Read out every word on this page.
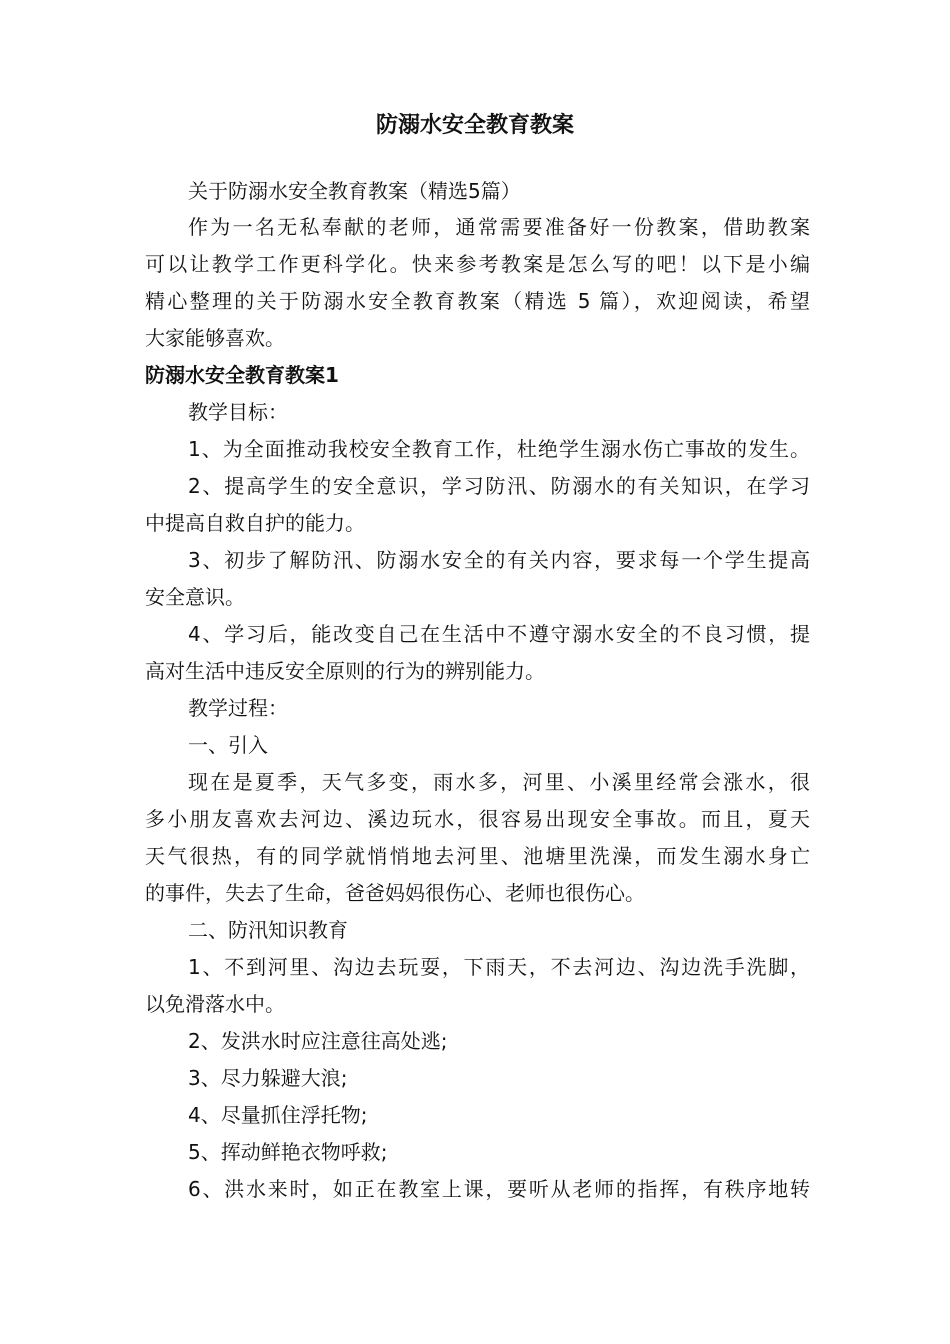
防溺水安全教育教案
关于防溺水安全教育教案（精选5篇）
作为一名无私奉献的老师，通常需要准备好一份教案，借助教案
可以让教学工作更科学化。快来参考教案是怎么写的吧！以下是小编
精心整理的关于防溺水安全教育教案（精选 5 篇），欢迎阅读，希望
大家能够喜欢。
防溺水安全教育教案1
教学目标：
1、为全面推动我校安全教育工作，杜绝学生溺水伤亡事故的发生。
2、提高学生的安全意识，学习防汛、防溺水的有关知识，在学习
中提高自救自护的能力。
3、初步了解防汛、防溺水安全的有关内容，要求每一个学生提高
安全意识。
4、学习后，能改变自己在生活中不遵守溺水安全的不良习惯，提
高对生活中违反安全原则的行为的辨别能力。
教学过程：
一、引入
现在是夏季，天气多变，雨水多，河里、小溪里经常会涨水，很
多小朋友喜欢去河边、溪边玩水，很容易出现安全事故。而且，夏天
天气很热，有的同学就悄悄地去河里、池塘里洗澡，而发生溺水身亡
的事件，失去了生命，爸爸妈妈很伤心、老师也很伤心。
二、防汛知识教育
1、不到河里、沟边去玩耍，下雨天，不去河边、沟边洗手洗脚，
以免滑落水中。
2、发洪水时应注意往高处逃;
3、尽力躲避大浪;
4、尽量抓住浮托物;
5、挥动鲜艳衣物呼救;
6、洪水来时，如正在教室上课，要听从老师的指挥，有秩序地转
